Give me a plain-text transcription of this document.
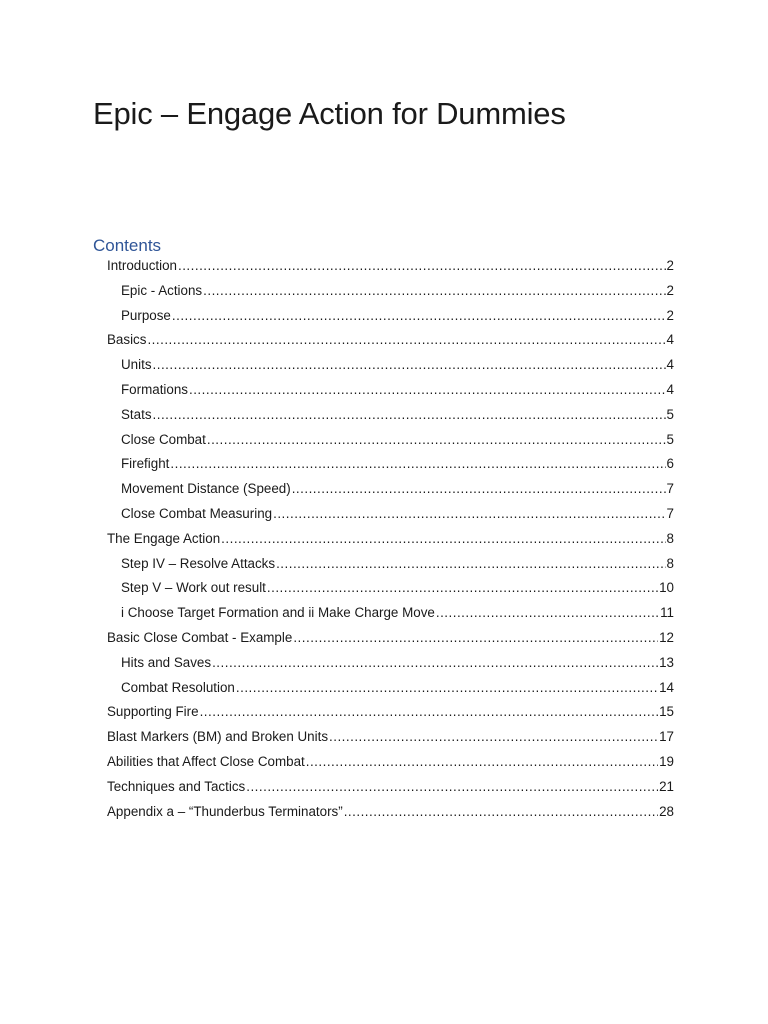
Epic – Engage Action for Dummies
Contents
Introduction .....	2
Epic - Actions .....	2
Purpose .....	2
Basics .....	4
Units .....	4
Formations .....	4
Stats .....	5
Close Combat .....	5
Firefight .....	6
Movement Distance (Speed) .....	7
Close Combat Measuring .....	7
The Engage Action .....	8
Step IV – Resolve Attacks .....	8
Step V – Work out result .....	10
i Choose Target Formation and ii Make Charge Move .....	11
Basic Close Combat - Example .....	12
Hits and Saves .....	13
Combat Resolution .....	14
Supporting Fire .....	15
Blast Markers (BM) and Broken Units .....	17
Abilities that Affect Close Combat .....	19
Techniques and Tactics .....	21
Appendix a – “Thunderbus Terminators” .....	28
